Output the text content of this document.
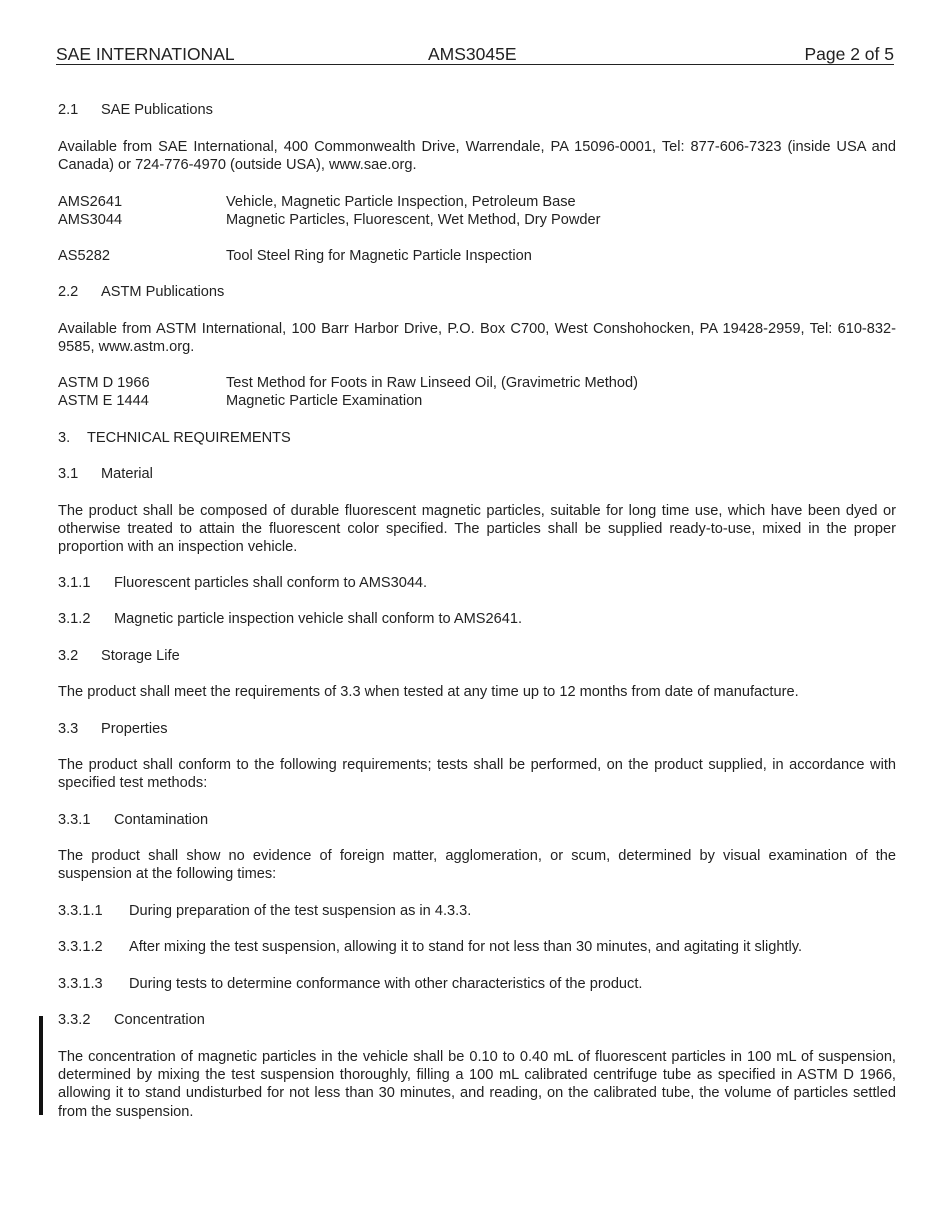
SAE INTERNATIONAL	AMS3045E	Page 2 of 5
2.1 SAE Publications
Available from SAE International, 400 Commonwealth Drive, Warrendale, PA 15096-0001, Tel: 877-606-7323 (inside USA and Canada) or 724-776-4970 (outside USA), www.sae.org.
AMS2641	Vehicle, Magnetic Particle Inspection, Petroleum Base
AMS3044	Magnetic Particles, Fluorescent, Wet Method, Dry Powder
AS5282	Tool Steel Ring for Magnetic Particle Inspection
2.2 ASTM Publications
Available from ASTM International, 100 Barr Harbor Drive, P.O. Box C700, West Conshohocken, PA 19428-2959, Tel: 610-832-9585, www.astm.org.
ASTM D 1966	Test Method for Foots in Raw Linseed Oil, (Gravimetric Method)
ASTM E 1444	Magnetic Particle Examination
3. TECHNICAL REQUIREMENTS
3.1 Material
The product shall be composed of durable fluorescent magnetic particles, suitable for long time use, which have been dyed or otherwise treated to attain the fluorescent color specified. The particles shall be supplied ready-to-use, mixed in the proper proportion with an inspection vehicle.
3.1.1 Fluorescent particles shall conform to AMS3044.
3.1.2 Magnetic particle inspection vehicle shall conform to AMS2641.
3.2 Storage Life
The product shall meet the requirements of 3.3 when tested at any time up to 12 months from date of manufacture.
3.3 Properties
The product shall conform to the following requirements; tests shall be performed, on the product supplied, in accordance with specified test methods:
3.3.1 Contamination
The product shall show no evidence of foreign matter, agglomeration, or scum, determined by visual examination of the suspension at the following times:
3.3.1.1 During preparation of the test suspension as in 4.3.3.
3.3.1.2 After mixing the test suspension, allowing it to stand for not less than 30 minutes, and agitating it slightly.
3.3.1.3 During tests to determine conformance with other characteristics of the product.
3.3.2 Concentration
The concentration of magnetic particles in the vehicle shall be 0.10 to 0.40 mL of fluorescent particles in 100 mL of suspension, determined by mixing the test suspension thoroughly, filling a 100 mL calibrated centrifuge tube as specified in ASTM D 1966, allowing it to stand undisturbed for not less than 30 minutes, and reading, on the calibrated tube, the volume of particles settled from the suspension.
